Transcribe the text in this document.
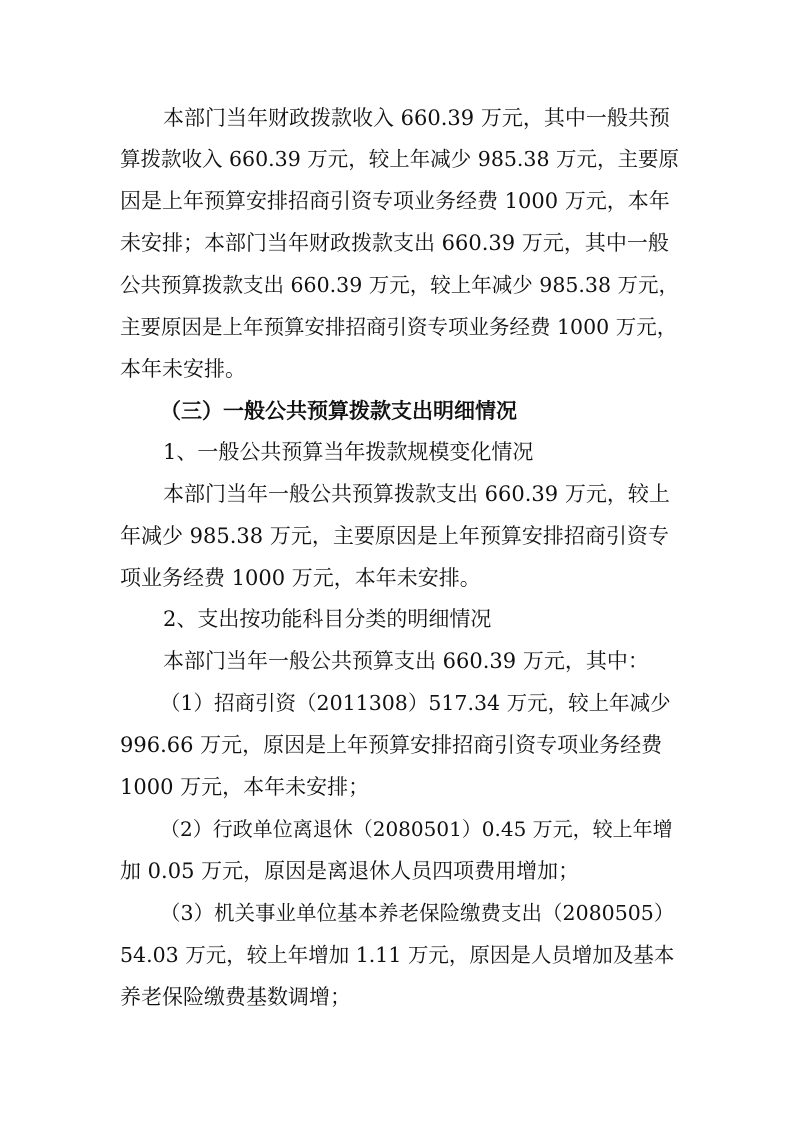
本部门当年财政拨款收入 660.39 万元，其中一般共预
算拨款收入 660.39 万元，较上年减少 985.38 万元，主要原
因是上年预算安排招商引资专项业务经费 1000 万元，本年
未安排；本部门当年财政拨款支出 660.39 万元，其中一般
公共预算拨款支出 660.39 万元，较上年减少 985.38 万元，
主要原因是上年预算安排招商引资专项业务经费 1000 万元，
本年未安排。
（三）一般公共预算拨款支出明细情况
1、一般公共预算当年拨款规模变化情况
本部门当年一般公共预算拨款支出 660.39 万元，较上
年减少 985.38 万元，主要原因是上年预算安排招商引资专
项业务经费 1000 万元，本年未安排。
2、支出按功能科目分类的明细情况
本部门当年一般公共预算支出 660.39 万元，其中：
（1）招商引资（2011308）517.34 万元，较上年减少
996.66 万元，原因是上年预算安排招商引资专项业务经费
1000 万元，本年未安排；
（2）行政单位离退休（2080501）0.45 万元，较上年增
加 0.05 万元，原因是离退休人员四项费用增加；
（3）机关事业单位基本养老保险缴费支出（2080505）
54.03 万元，较上年增加 1.11 万元，原因是人员增加及基本
养老保险缴费基数调增；
